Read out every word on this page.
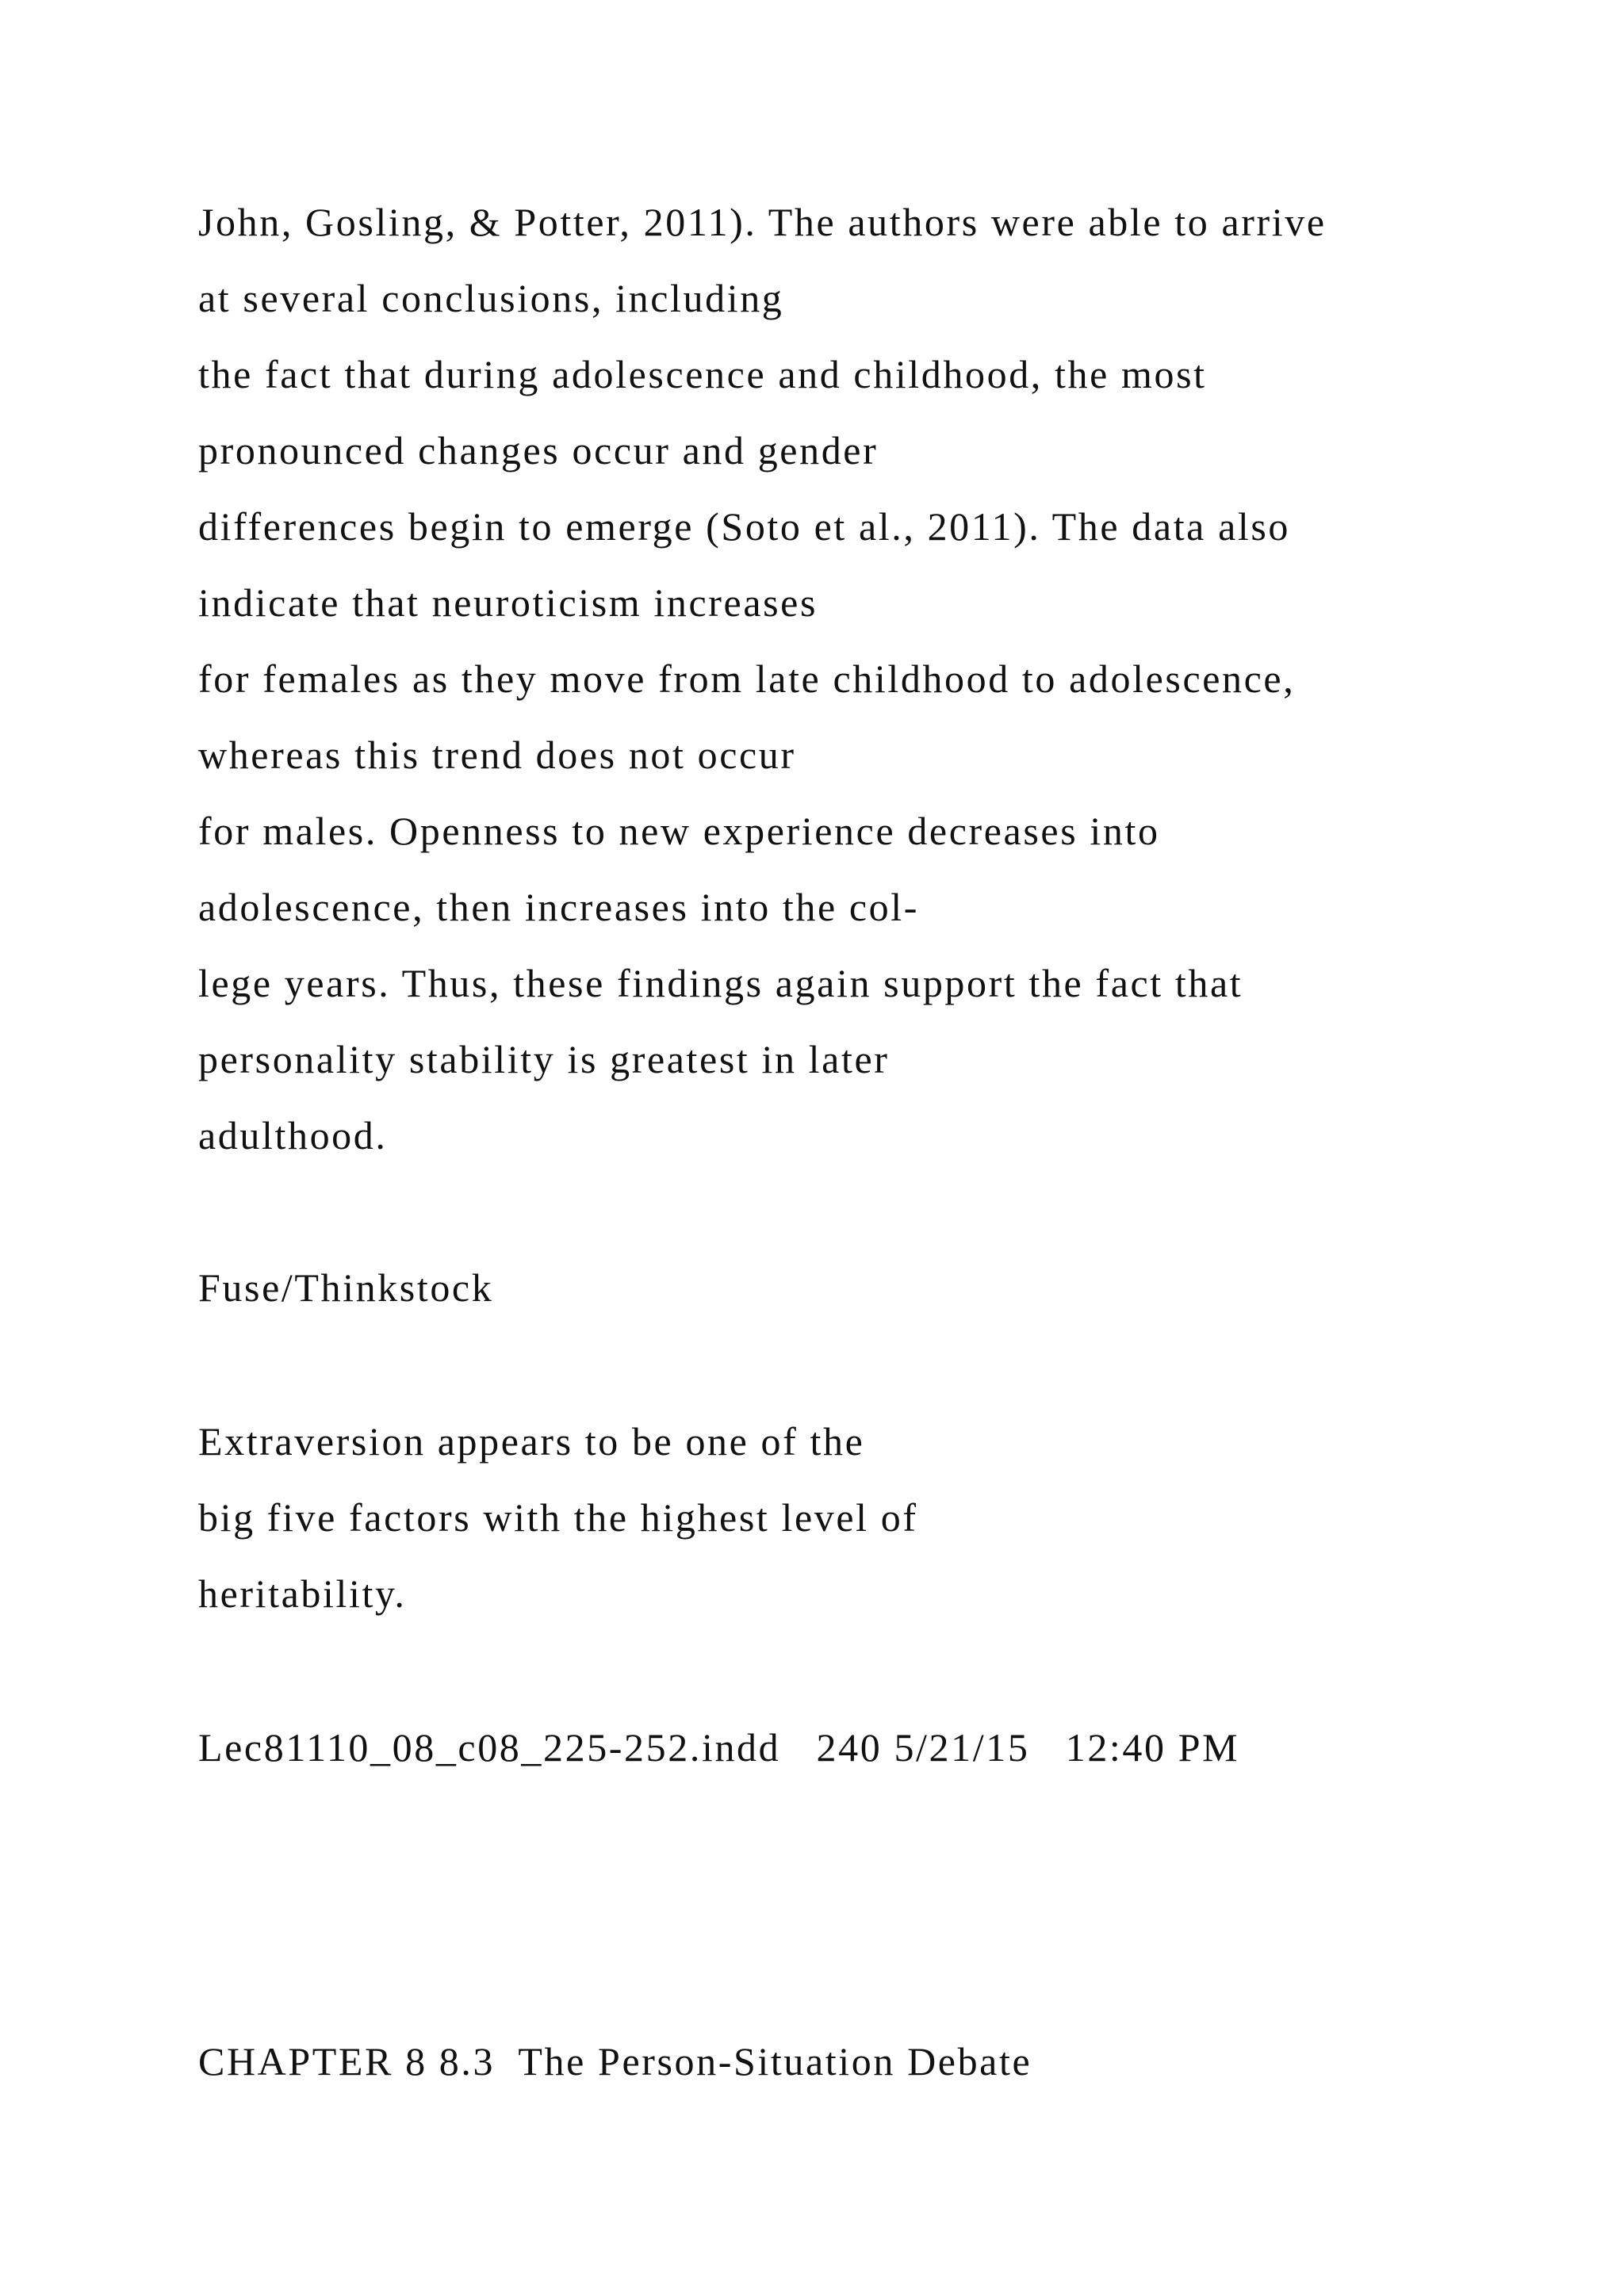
John, Gosling, & Potter, 2011). The authors were able to arrive
at several conclusions, including
the fact that during adolescence and childhood, the most
pronounced changes occur and gender
differences begin to emerge (Soto et al., 2011). The data also
indicate that neuroticism increases
for females as they move from late childhood to adolescence,
whereas this trend does not occur
for males. Openness to new experience decreases into
adolescence, then increases into the col-
lege years. Thus, these findings again support the fact that
personality stability is greatest in later
adulthood.
Fuse/Thinkstock
Extraversion appears to be one of the
big five factors with the highest level of
heritability.
Lec81110_08_c08_225-252.indd   240 5/21/15   12:40 PM
CHAPTER 8 8.3  The Person-Situation Debate
